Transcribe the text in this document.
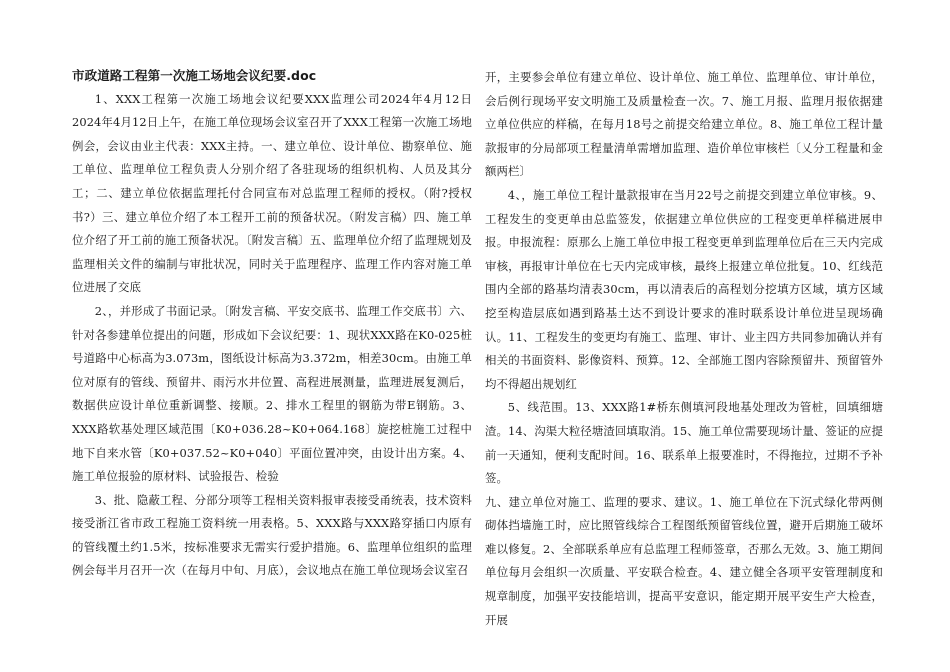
市政道路工程第一次施工场地会议纪要.doc

1、XXX工程第一次施工场地会议纪要XXX监理公司2024年4月12日2024年4月12日上午，在施工单位现场会议室召开了XXX工程第一次施工场地例会，会议由业主代表：XXX主持。一、建立单位、设计单位、勘察单位、施工单位、监理单位工程负责人分别介绍了各驻现场的组织机构、人员及其分工；二、建立单位依据监理托付合同宣布对总监理工程师的授权。（附?授权书?）三、建立单位介绍了本工程开工前的预备状况。（附发言稿）四、施工单位介绍了开工前的施工预备状况。〔附发言稿〕五、监理单位介绍了监理规划及监理相关文件的编制与审批状况，同时关于监理程序、监理工作内容对施工单位进展了交底

2、，并形成了书面记录。〔附发言稿、平安交底书、监理工作交底书〕六、针对各参建单位提出的问题，形成如下会议纪要：1、现状XXX路在K0-025桩号道路中心标高为3.073m，图纸设计标高为3.372m，相差30cm。由施工单位对原有的管线、预留井、雨污水井位置、高程进展测量，监理进展复测后，数据供应设计单位重新调整、接顺。2、排水工程里的钢筋为带E钢筋。3、XXX路软基处理区域范围〔K0+036.28~K0+064.168〕旋挖桩施工过程中地下自来水管〔K0+037.52~K0+040〕平面位置冲突，由设计出方案。4、施工单位报验的原材料、试验报告、检验

3、批、隐蔽工程、分部分项等工程相关资料报审表接受甬统表，技术资料接受浙江省市政工程施工资料统一用表格。5、XXX路与XXX路穿插口内原有的管线覆土约1.5米，按标准要求无需实行爱护措施。6、监理单位组织的监理例会每半月召开一次（在每月中旬、月底），会议地点在施工单位现场会议室召

开，主要参会单位有建立单位、设计单位、施工单位、监理单位、审计单位，会后例行现场平安文明施工及质量检查一次。7、施工月报、监理月报依据建立单位供应的样稿，在每月18号之前提交给建立单位。8、施工单位工程计量款报审的分局部项工程量清单需增加监理、造价单位审核栏〔乂分工程量和金额两栏〕

4、，施工单位工程计量款报审在当月22号之前提交到建立单位审核。9、工程发生的变更单由总监签发，依据建立单位供应的工程变更单样稿进展申报。申报流程：原那么上施工单位申报工程变更单到监理单位后在三天内完成审核，再报审计单位在七天内完成审核，最终上报建立单位批复。10、红线范围内全部的路基均清表30cm，再以清表后的高程划分挖填方区域，填方区域挖至构造层底如遇到路基土达不到设计要求的准时联系设计单位进呈现场确认。11、工程发生的变更均有施工、监理、审计、业主四方共同参加确认并有相关的书面资料、影像资料、预算。12、全部施工图内容除预留井、预留管外均不得超出规划红

5、线范围。13、XXX路1#桥东侧填河段地基处理改为管桩，回填细塘渣。14、沟渠大粒径塘渣回填取消。15、施工单位需要现场计量、签证的应提前一天通知，便利支配时间。16、联系单上报要准时，不得拖拉，过期不予补签。

九、建立单位对施工、监理的要求、建议。1、施工单位在下沉式绿化带两侧砌体挡墙施工时，应比照管线综合工程图纸预留管线位置，避开后期施工破坏难以修复。2、全部联系单应有总监理工程师签章，否那么无效。3、施工期间单位每月会组织一次质量、平安联合检查。4、建立健全各项平安管理制度和规章制度，加强平安技能培训，提高平安意识，能定期开展平安生产大检查，开展
